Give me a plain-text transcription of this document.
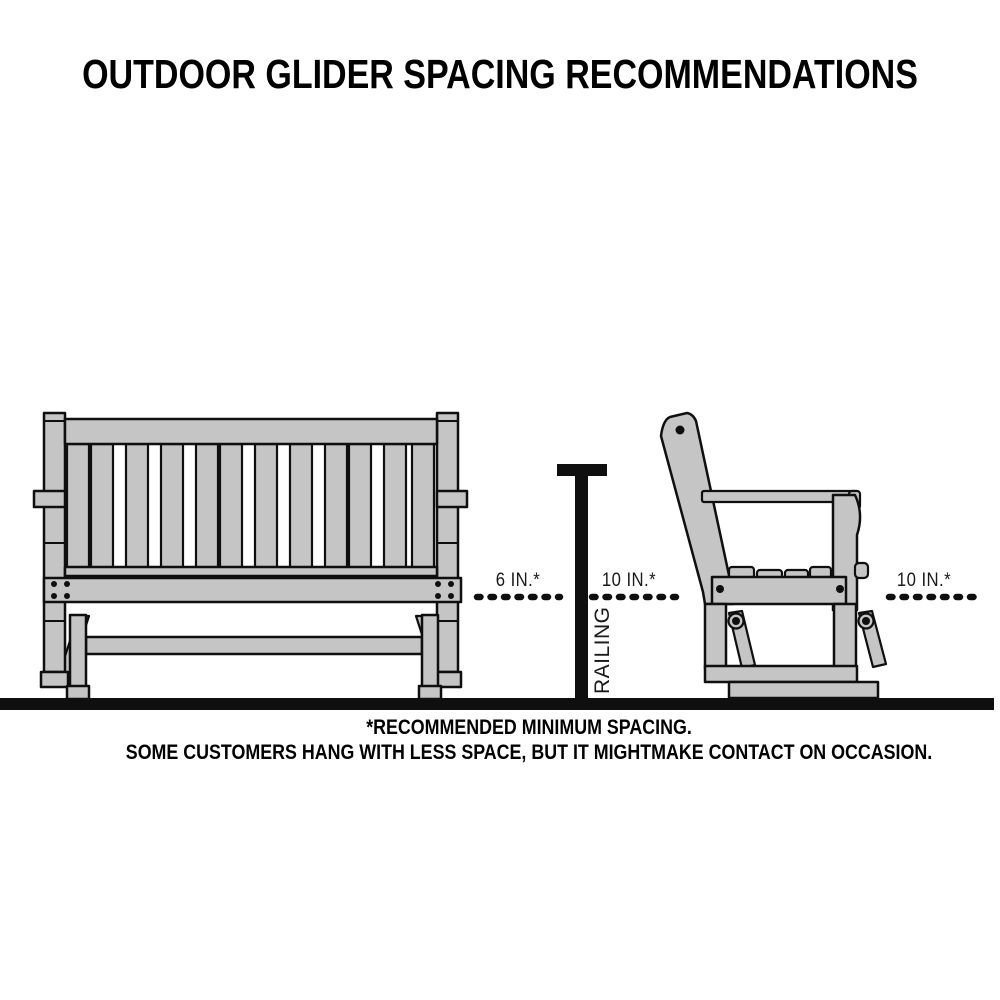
OUTDOOR GLIDER SPACING RECOMMENDATIONS
RAILING
6 IN.*	10 IN.*	10 IN.*
*RECOMMENDED MINIMUM SPACING.
SOME CUSTOMERS HANG WITH LESS SPACE, BUT IT MIGHTMAKE CONTACT ON OCCASION.
